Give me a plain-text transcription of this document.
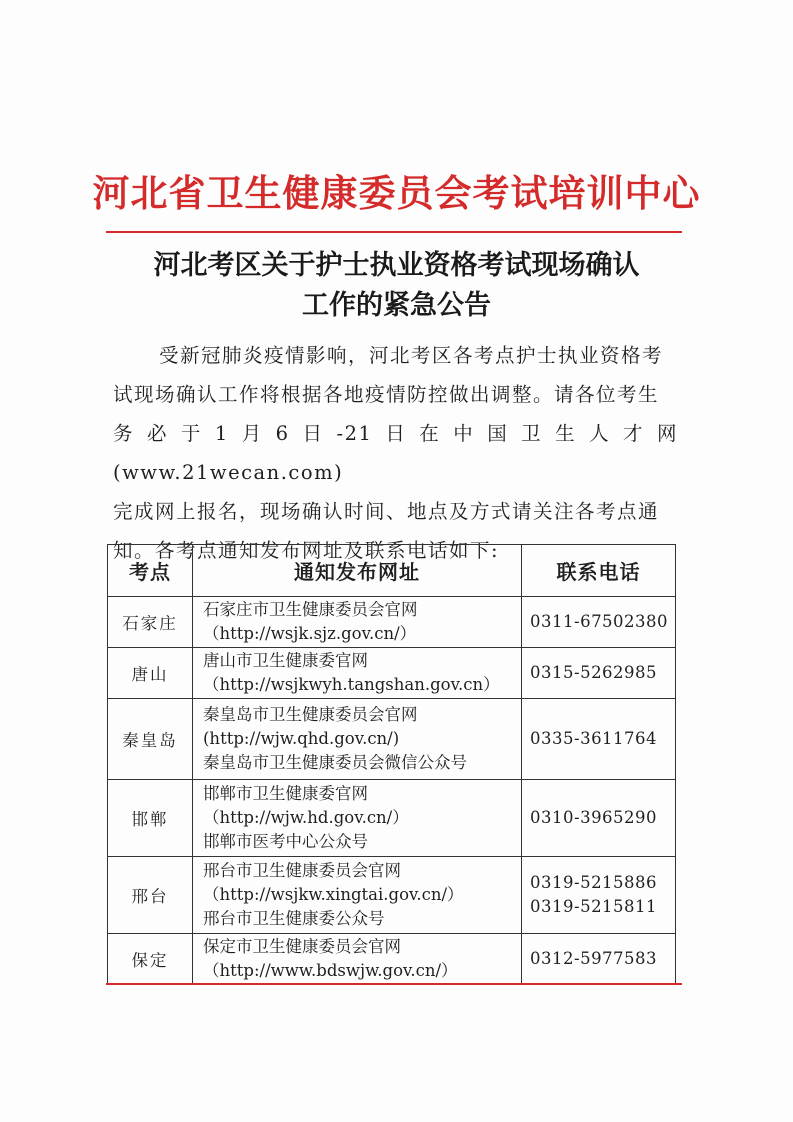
河北省卫生健康委员会考试培训中心
河北考区关于护士执业资格考试现场确认
工作的紧急公告
受新冠肺炎疫情影响，河北考区各考点护士执业资格考
试现场确认工作将根据各地疫情防控做出调整。请各位考生
务必于1月6日-21日在中国卫生人才网(www.21wecan.com)
完成网上报名，现场确认时间、地点及方式请关注各考点通
知。各考点通知发布网址及联系电话如下:
考点	通知发布网址	联系电话
石家庄	石家庄市卫生健康委员会官网
（http://wsjk.sjz.gov.cn/）	0311-67502380

唐山	唐山市卫生健康委官网
（http://wsjkwyh.tangshan.gov.cn）	0315-5262985

秦皇岛	秦皇岛市卫生健康委员会官网
(http://wjw.qhd.gov.cn/)
秦皇岛市卫生健康委员会微信公众号	0335-3611764

邯郸	邯郸市卫生健康委官网
（http://wjw.hd.gov.cn/）
邯郸市医考中心公众号	0310-3965290

邢台	邢台市卫生健康委员会官网
（http://wsjkw.xingtai.gov.cn/）
邢台市卫生健康委公众号	0319-5215886
0319-5215811

保定	保定市卫生健康委员会官网
（http://www.bdswjw.gov.cn/）	0312-5977583
